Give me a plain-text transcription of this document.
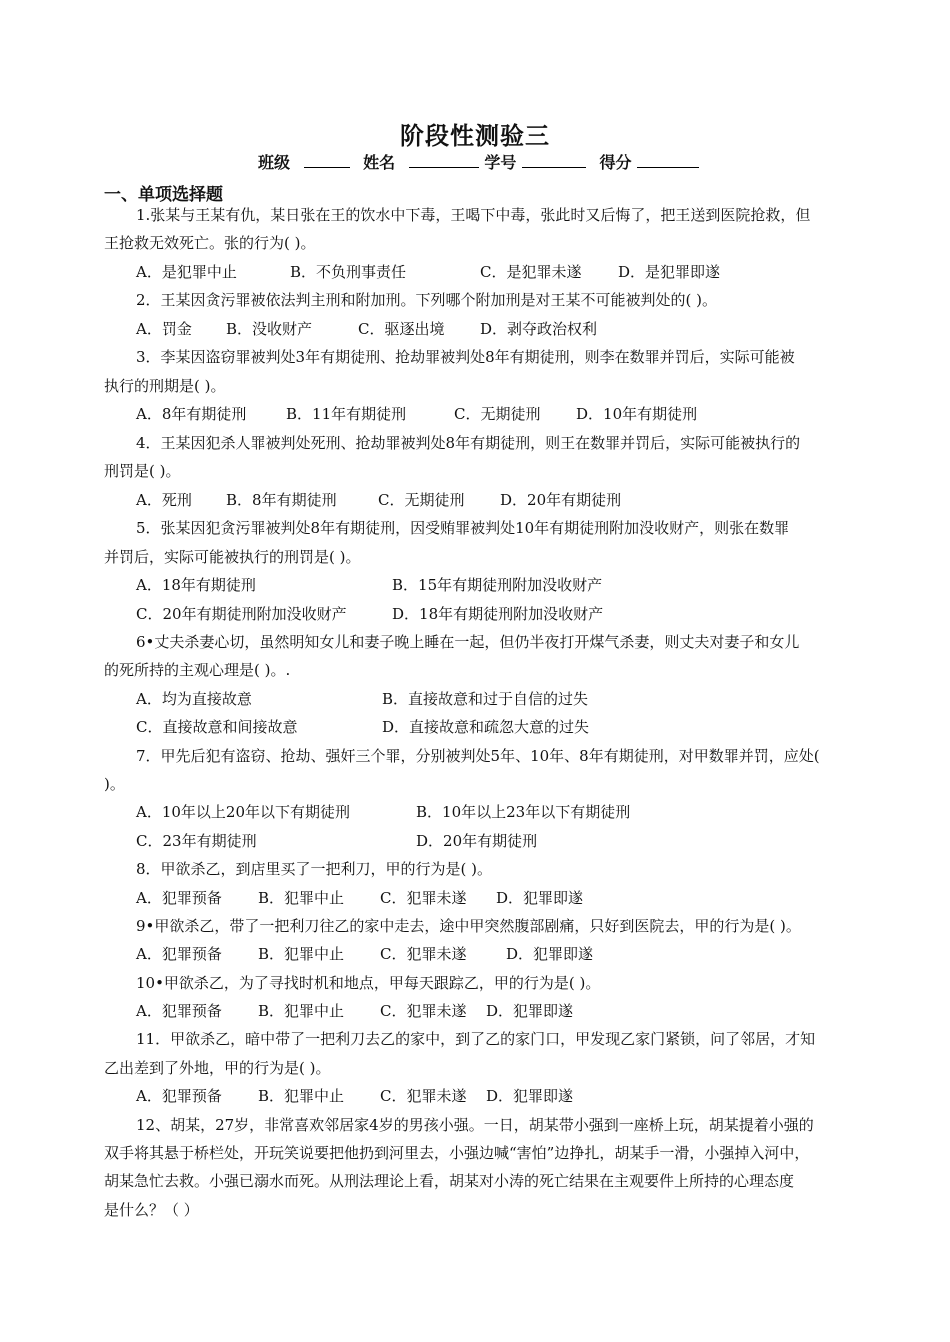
阶段性测验三
班级	姓名	学号	得分
一、单项选择题
1.张某与王某有仇，某日张在王的饮水中下毒，王喝下中毒，张此时又后悔了，把王送到医院抢救，但
王抢救无效死亡。张的行为( )。
A．是犯罪中止	B．不负刑事责任	C．是犯罪未遂 D．是犯罪即遂
2．王某因贪污罪被依法判主刑和附加刑。下列哪个附加刑是对王某不可能被判处的( )。
A．罚金 B．没收财产	C．驱逐出境 D．剥夺政治权利
3．李某因盗窃罪被判处3年有期徒刑、抢劫罪被判处8年有期徒刑，则李在数罪并罚后，实际可能被
执行的刑期是( )。
A．8年有期徒刑	B．11年有期徒刑	C．无期徒刑 D．10年有期徒刑
4．王某因犯杀人罪被判处死刑、抢劫罪被判处8年有期徒刑，则王在数罪并罚后，实际可能被执行的
刑罚是( )。
A．死刑 B．8年有期徒刑	C．无期徒刑 D．20年有期徒刑
5．张某因犯贪污罪被判处8年有期徒刑，因受贿罪被判处10年有期徒刑附加没收财产，则张在数罪
并罚后，实际可能被执行的刑罚是( )。
A．18年有期徒刑	B．15年有期徒刑附加没收财产
C．20年有期徒刑附加没收财产	D．18年有期徒刑附加没收财产
6•丈夫杀妻心切，虽然明知女儿和妻子晚上睡在一起，但仍半夜打开煤气杀妻，则丈夫对妻子和女儿
的死所持的主观心理是( )。.
A．均为直接故意	B．直接故意和过于自信的过失
C．直接故意和间接故意	D．直接故意和疏忽大意的过失
7．甲先后犯有盗窃、抢劫、强奸三个罪，分别被判处5年、10年、8年有期徒刑，对甲数罪并罚，应处(
)。
A．10年以上20年以下有期徒刑	B．10年以上23年以下有期徒刑
C．23年有期徒刑	D．20年有期徒刑
8．甲欲杀乙，到店里买了一把利刀，甲的行为是( )。
A．犯罪预备 B．犯罪中止 C．犯罪未遂 D．犯罪即遂
9•甲欲杀乙，带了一把利刀往乙的家中走去，途中甲突然腹部剧痛，只好到医院去，甲的行为是( )。
A．犯罪预备 B．犯罪中止 C．犯罪未遂	D．犯罪即遂
10•甲欲杀乙，为了寻找时机和地点，甲每天跟踪乙，甲的行为是( )。
A．犯罪预备 B．犯罪中止 C．犯罪未遂 D．犯罪即遂
11．甲欲杀乙，暗中带了一把利刀去乙的家中，到了乙的家门口，甲发现乙家门紧锁，问了邻居，才知
乙出差到了外地，甲的行为是( )。
A．犯罪预备 B．犯罪中止 C．犯罪未遂 D．犯罪即遂
12、胡某，27岁，非常喜欢邻居家4岁的男孩小强。一日，胡某带小强到一座桥上玩，胡某提着小强的
双手将其悬于桥栏处，开玩笑说要把他扔到河里去，小强边喊“害怕”边挣扎，胡某手一滑，小强掉入河中，
胡某急忙去救。小强已溺水而死。从刑法理论上看，胡某对小涛的死亡结果在主观要件上所持的心理态度
是什么？（ ）
